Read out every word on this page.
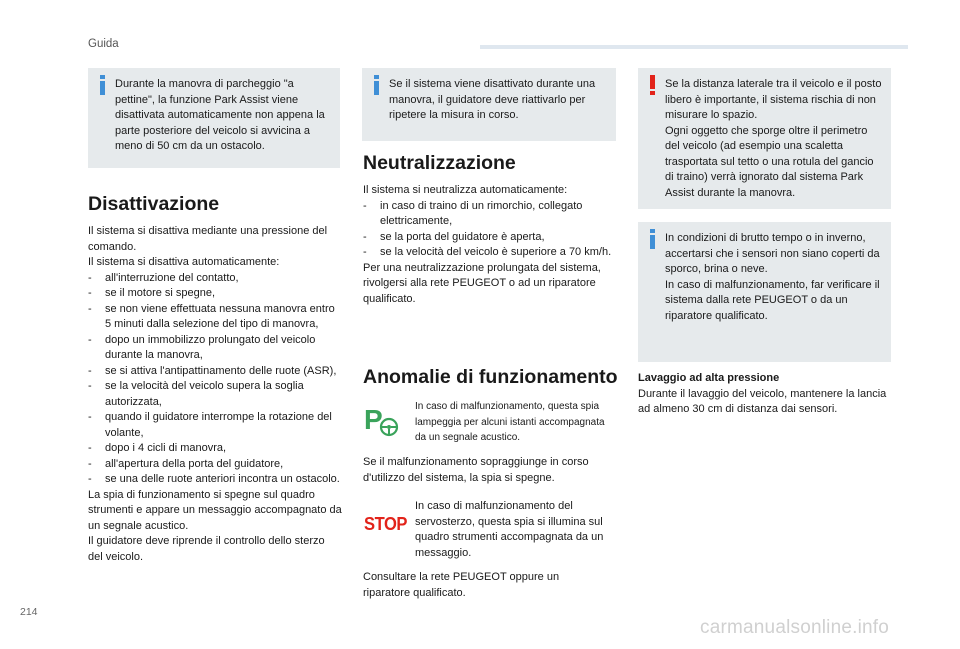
Guida

Durante la manovra di parcheggio "a pettine", la funzione Park Assist viene disattivata automaticamente non appena la parte posteriore del veicolo si avvicina a meno di 50 cm da un ostacolo.

Disattivazione

Il sistema si disattiva mediante una pressione del comando.

Il sistema si disattiva automaticamente:

- all'interruzione del contatto,
- se il motore si spegne,
- se non viene effettuata nessuna manovra entro 5 minuti dalla selezione del tipo di manovra,
- dopo un immobilizzo prolungato del veicolo durante la manovra,
- se si attiva l'antipattinamento delle ruote (ASR),
- se la velocità del veicolo supera la soglia autorizzata,
- quando il guidatore interrompe la rotazione del volante,
- dopo i 4 cicli di manovra,
- all'apertura della porta del guidatore,
- se una delle ruote anteriori incontra un ostacolo.

La spia di funzionamento si spegne sul quadro strumenti e appare un messaggio accompagnato da un segnale acustico.

Il guidatore deve riprende il controllo dello sterzo del veicolo.

Se il sistema viene disattivato durante una manovra, il guidatore deve riattivarlo per ripetere la misura in corso.

Neutralizzazione

Il sistema si neutralizza automaticamente:

- in caso di traino di un rimorchio, collegato elettricamente,
- se la porta del guidatore è aperta,
- se la velocità del veicolo è superiore a 70 km/h.

Per una neutralizzazione prolungata del sistema, rivolgersi alla rete PEUGEOT o ad un riparatore qualificato.

Anomalie di funzionamento
P	In caso di malfunzionamento, questa spia lampeggia per alcuni istanti accompagnata da un segnale acustico.

Se il malfunzionamento sopraggiunge in corso d'utilizzo del sistema, la spia si spegne.

STOP

In caso di malfunzionamento del servosterzo, questa spia si illumina sul quadro strumenti accompagnata da un messaggio.

Consultare la rete PEUGEOT oppure un riparatore qualificato.

Se la distanza laterale tra il veicolo e il posto libero è importante, il sistema rischia di non misurare lo spazio.

Ogni oggetto che sporge oltre il perimetro del veicolo (ad esempio una scaletta trasportata sul tetto o una rotula del gancio di traino) verrà ignorato dal sistema Park Assist durante la manovra.

In condizioni di brutto tempo o in inverno, accertarsi che i sensori non siano coperti da sporco, brina o neve.

In caso di malfunzionamento, far verificare il sistema dalla rete PEUGEOT o da un riparatore qualificato.

Lavaggio ad alta pressione

Durante il lavaggio del veicolo, mantenere la lancia ad almeno 30 cm di distanza dai sensori.

214
carmanualsonline.info
